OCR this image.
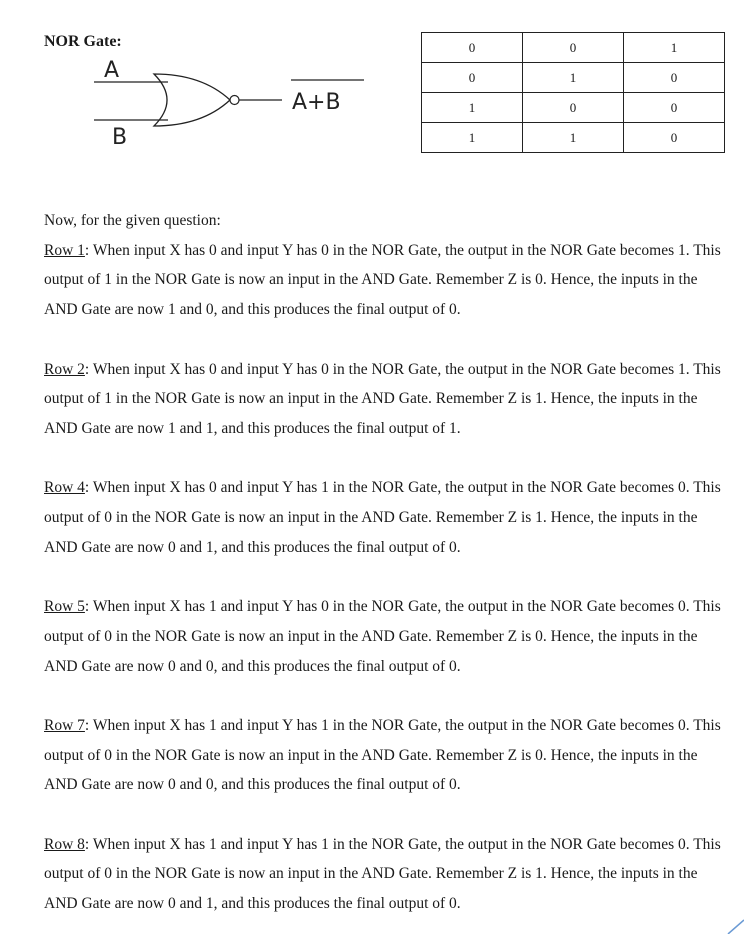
NOR Gate:
A
B
A+B
0	0	1
0	1	0
1	0	0
1	1	0

Now, for the given question:

Row 1: When input X has 0 and input Y has 0 in the NOR Gate, the output in the NOR Gate becomes 1. This output of 1 in the NOR Gate is now an input in the AND Gate. Remember Z is 0. Hence, the inputs in the AND Gate are now 1 and 0, and this produces the final output of 0.

Row 2: When input X has 0 and input Y has 0 in the NOR Gate, the output in the NOR Gate becomes 1. This output of 1 in the NOR Gate is now an input in the AND Gate. Remember Z is 1. Hence, the inputs in the AND Gate are now 1 and 1, and this produces the final output of 1.

Row 4: When input X has 0 and input Y has 1 in the NOR Gate, the output in the NOR Gate becomes 0. This output of 0 in the NOR Gate is now an input in the AND Gate. Remember Z is 1. Hence, the inputs in the AND Gate are now 0 and 1, and this produces the final output of 0.

Row 5: When input X has 1 and input Y has 0 in the NOR Gate, the output in the NOR Gate becomes 0. This output of 0 in the NOR Gate is now an input in the AND Gate. Remember Z is 0. Hence, the inputs in the AND Gate are now 0 and 0, and this produces the final output of 0.

Row 7: When input X has 1 and input Y has 1 in the NOR Gate, the output in the NOR Gate becomes 0. This output of 0 in the NOR Gate is now an input in the AND Gate. Remember Z is 0. Hence, the inputs in the AND Gate are now 0 and 0, and this produces the final output of 0.

Row 8: When input X has 1 and input Y has 1 in the NOR Gate, the output in the NOR Gate becomes 0. This output of 0 in the NOR Gate is now an input in the AND Gate. Remember Z is 1. Hence, the inputs in the AND Gate are now 0 and 1, and this produces the final output of 0.
